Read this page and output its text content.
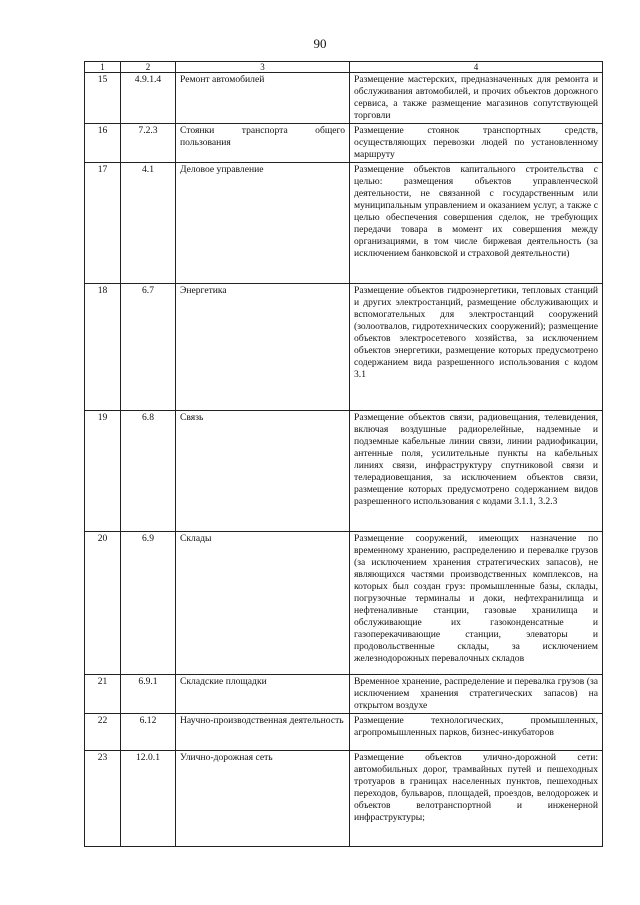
90
1	2	3	4
15	4.9.1.4	Ремонт автомобилей	Размещение мастерских, предназначенных для ремонта и обслуживания автомобилей, и прочих объектов дорожного сервиса, а также размещение магазинов сопутствующей торговли
16	7.2.3	Стоянки транспорта общего пользования	Размещение стоянок транспортных средств, осуществляющих перевозки людей по установленному маршруту
17	4.1	Деловое управление	Размещение объектов капитального строительства с целью: размещения объектов управленческой деятельности, не связанной с государственным или муниципальным управлением и оказанием услуг, а также с целью обеспечения совершения сделок, не требующих передачи товара в момент их совершения между организациями, в том числе биржевая деятельность (за исключением банковской и страховой деятельности)
18	6.7	Энергетика	Размещение объектов гидроэнергетики, тепловых станций и других электростанций, размещение обслуживающих и вспомогательных для электростанций сооружений (золоотвалов, гидротехнических сооружений); размещение объектов электросетевого хозяйства, за исключением объектов энергетики, размещение которых предусмотрено содержанием вида разрешенного использования с кодом 3.1
19	6.8	Связь	Размещение объектов связи, радиовещания, телевидения, включая воздушные радиорелейные, надземные и подземные кабельные линии связи, линии радиофикации, антенные поля, усилительные пункты на кабельных линиях связи, инфраструктуру спутниковой связи и телерадиовещания, за исключением объектов связи, размещение которых предусмотрено содержанием видов разрешенного использования с кодами 3.1.1, 3.2.3
20	6.9	Склады	Размещение сооружений, имеющих назначение по временному хранению, распределению и перевалке грузов (за исключением хранения стратегических запасов), не являющихся частями производственных комплексов, на которых был создан груз: промышленные базы, склады, погрузочные терминалы и доки, нефтехранилища и нефтеналивные станции, газовые хранилища и обслуживающие их газоконденсатные и газоперекачивающие станции, элеваторы и продовольственные склады, за исключением железнодорожных перевалочных складов
21	6.9.1	Складские площадки	Временное хранение, распределение и перевалка грузов (за исключением хранения стратегических запасов) на открытом воздухе
22	6.12	Научно-производственная деятельность	Размещение технологических, промышленных, агропромышленных парков, бизнес-инкубаторов
23	12.0.1	Улично-дорожная сеть	Размещение объектов улично-дорожной сети: автомобильных дорог, трамвайных путей и пешеходных тротуаров в границах населенных пунктов, пешеходных переходов, бульваров, площадей, проездов, велодорожек и объектов велотранспортной и инженерной инфраструктуры;
